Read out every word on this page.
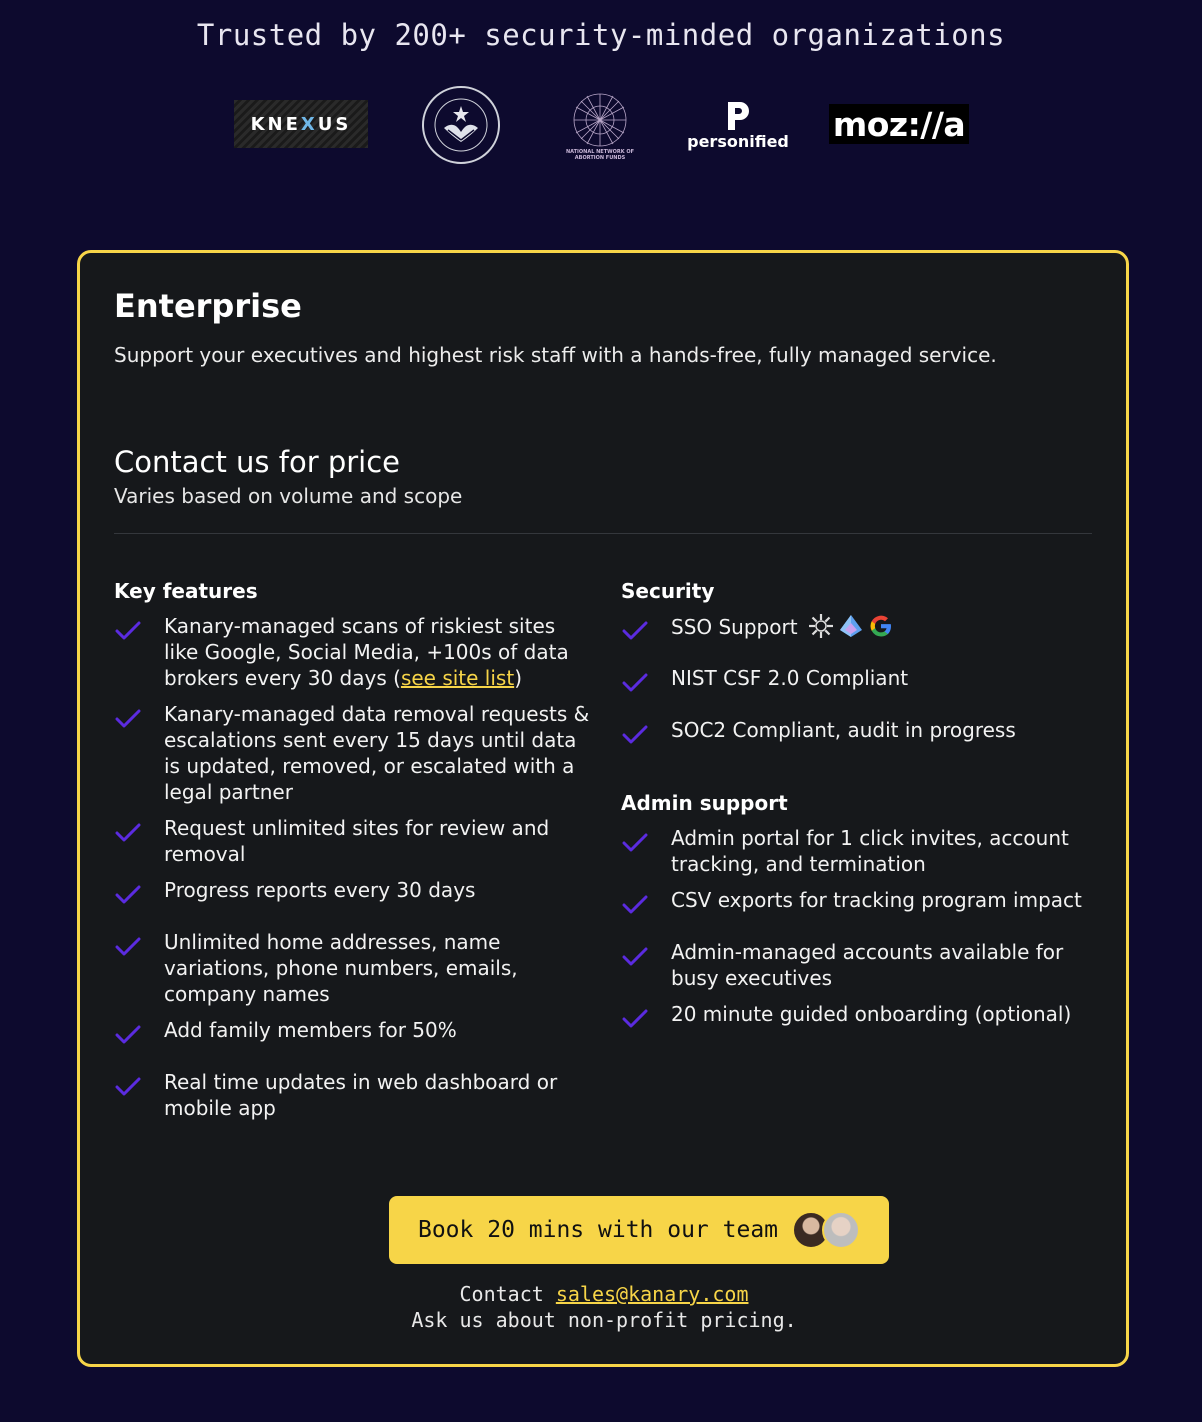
Trusted by 200+ security-minded organizations
KNE X US
NATIONAL NETWORK OF
ABORTION FUNDS
personified moz://a
Enterprise
Support your executives and highest risk staff with a hands-free, fully managed service.
Contact us for price
Varies based on volume and scope
Key features
Kanary-managed scans of riskiest sites like Google, Social Media, +100s of data brokers every 30 days (see site list)
Kanary-managed data removal requests & escalations sent every 15 days until data is updated, removed, or escalated with a legal partner
Request unlimited sites for review and removal
Progress reports every 30 days
Unlimited home addresses, name variations, phone numbers, emails, company names
Add family members for 50%
Real time updates in web dashboard or mobile app
Security
SSO Support
NIST CSF 2.0 Compliant
SOC2 Compliant, audit in progress
Admin support
Admin portal for 1 click invites, account tracking, and termination
CSV exports for tracking program impact
Admin-managed accounts available for busy executives
20 minute guided onboarding (optional)
Book 20 mins with our team
Contact sales@kanary.com
Ask us about non-profit pricing.
